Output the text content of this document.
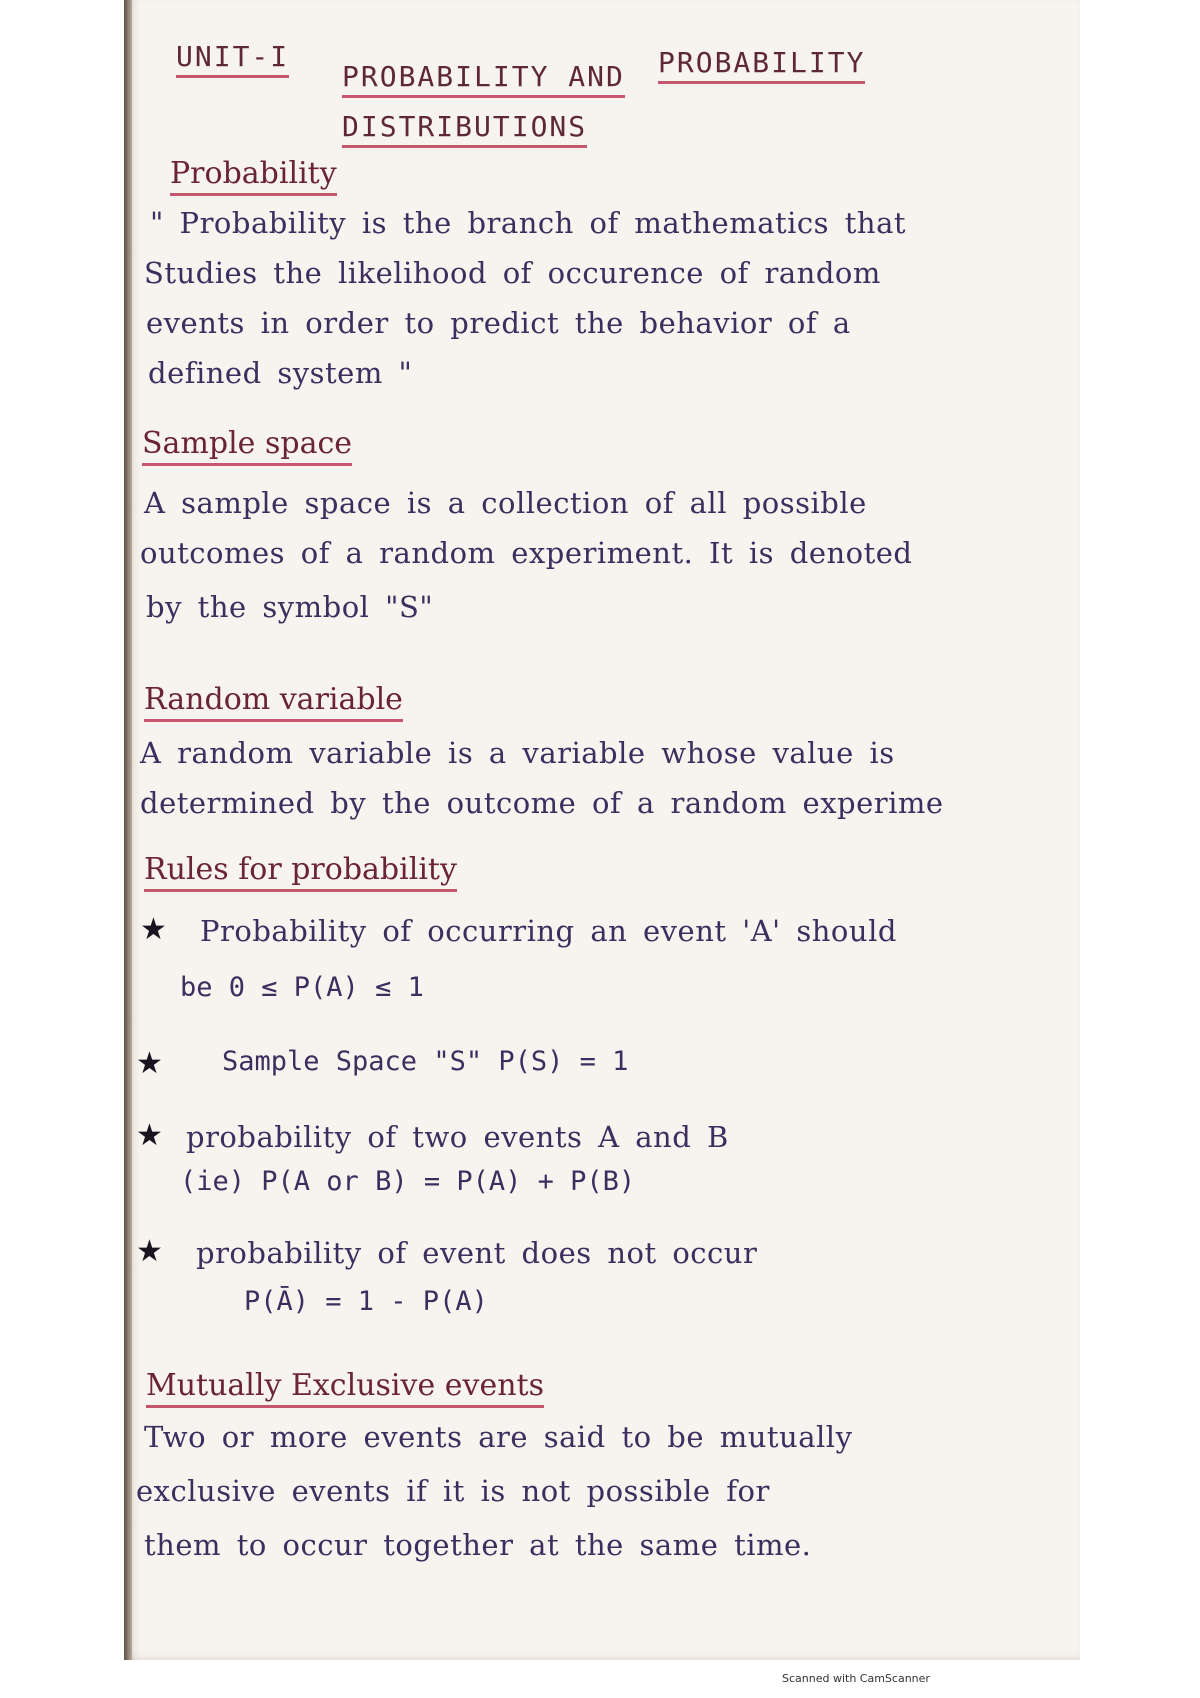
UNIT-I
PROBABILITY AND PROBABILITY
DISTRIBUTIONS
Probability
" Probability is the branch of mathematics that
Studies the likelihood of occurence of random
events in order to predict the behavior of a
defined system "
Sample space
A sample space is a collection of all possible
outcomes of a random experiment. It is denoted
by the symbol "S"
Random variable
A random variable is a variable whose value is
determined by the outcome of a random experime
Rules for probability
★ Probability of occurring an event 'A' should
be 0 ≤ P(A) ≤ 1
★ Sample Space "S" P(S) = 1
★ probability of two events A and B
(ie) P(A or B) = P(A) + P(B)
★ probability of event does not occur
P(Ā) = 1 - P(A)
Mutually Exclusive events
Two or more events are said to be mutually
exclusive events if it is not possible for
them to occur together at the same time.
Scanned with CamScanner
